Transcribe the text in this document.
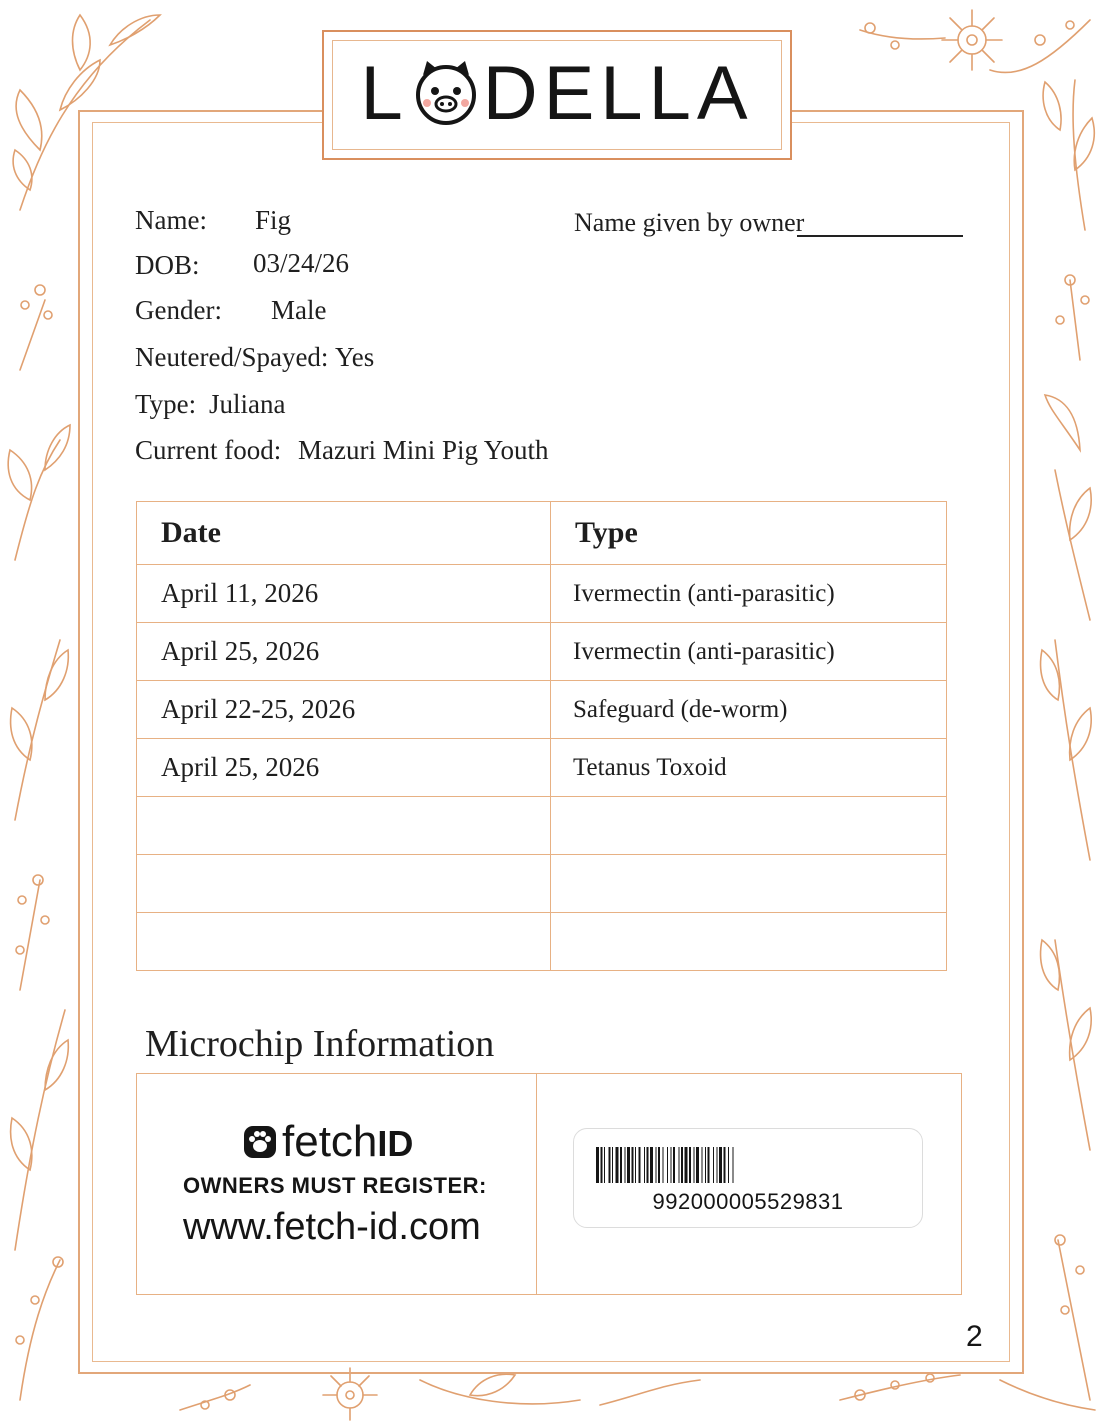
L DELLA
Name: Fig
DOB: 03/24/26
Gender: Male
Neutered/Spayed: Yes
Type: Juliana
Current food: Mazuri Mini Pig Youth
Name given by owner
Date	Type
April 11, 2026	Ivermectin (anti-parasitic)
April 25, 2026	Ivermectin (anti-parasitic)
April 22-25, 2026	Safeguard (de-worm)
April 25, 2026	Tetanus Toxoid

Microchip Information
fetchID
OWNERS MUST REGISTER:
www.fetch-id.com
992000005529831
2
